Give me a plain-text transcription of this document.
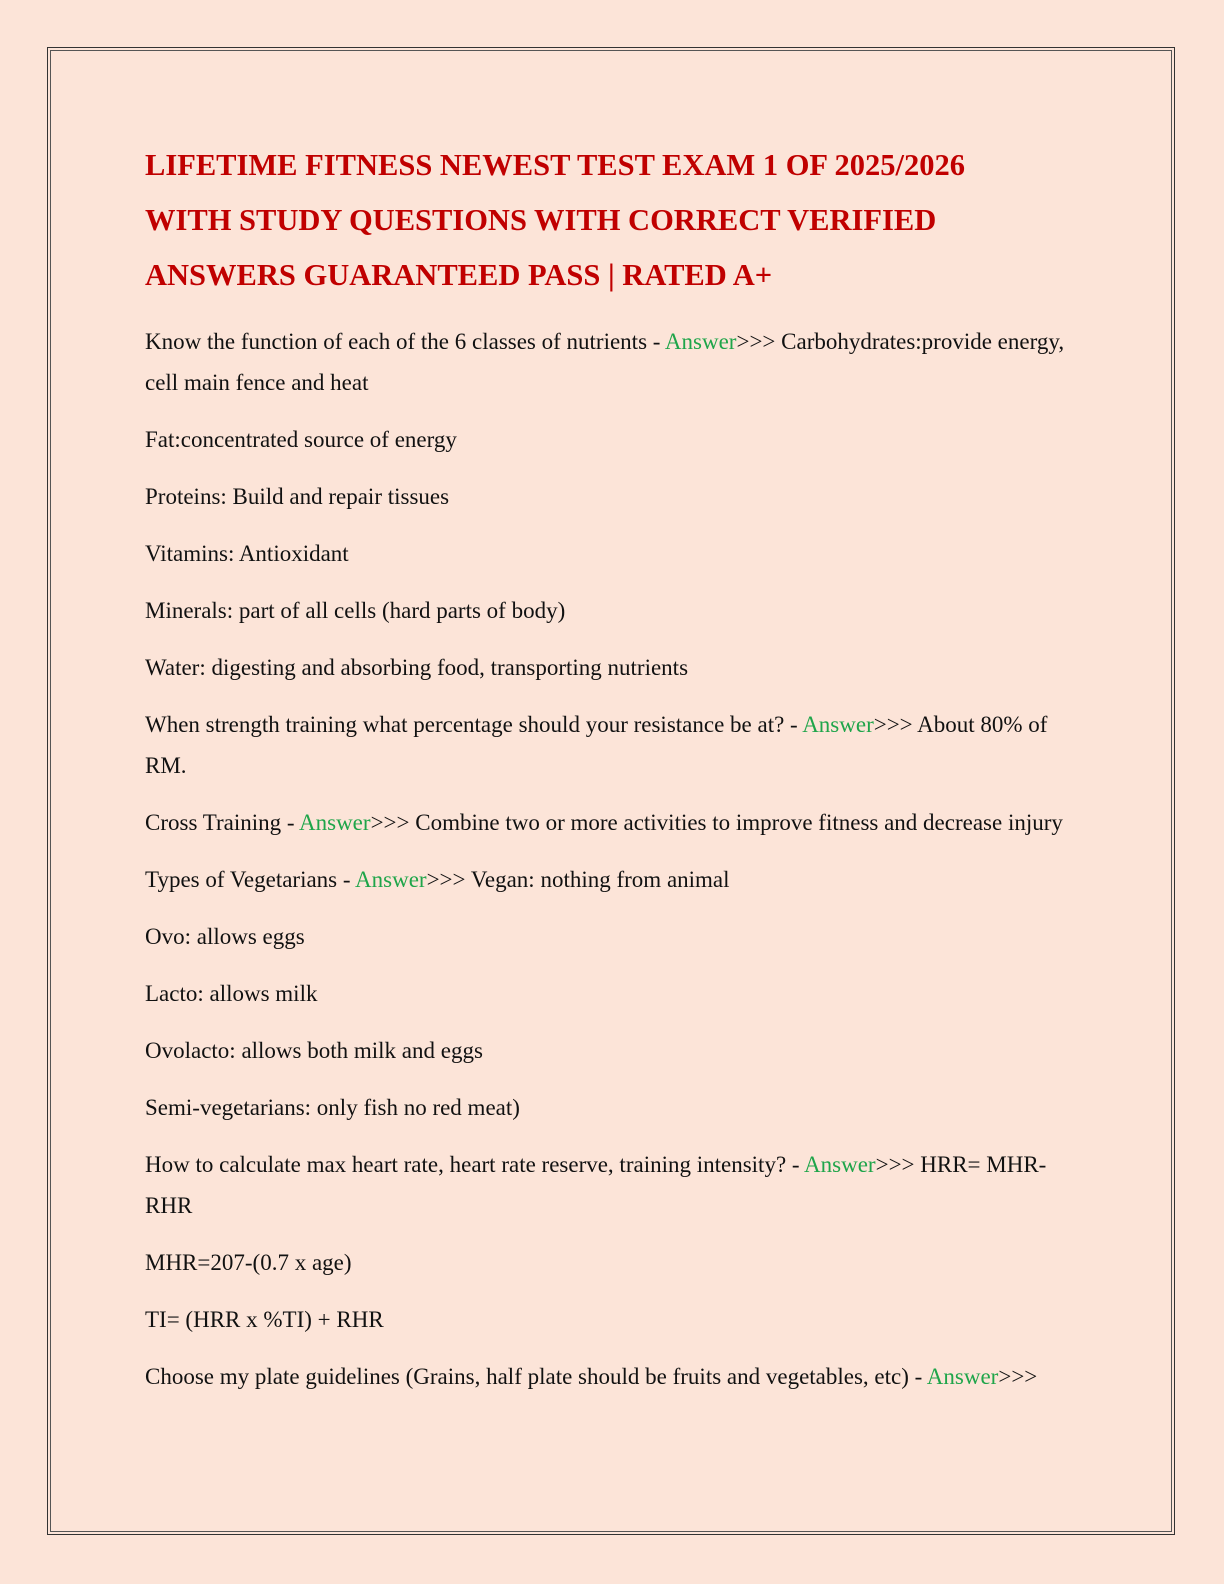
LIFETIME FITNESS NEWEST TEST EXAM 1 OF 2025/2026
WITH STUDY QUESTIONS WITH CORRECT VERIFIED
ANSWERS GUARANTEED PASS | RATED A+

Know the function of each of the 6 classes of nutrients - Answer>>> Carbohydrates:provide energy, cell main fence and heat

Fat:concentrated source of energy

Proteins: Build and repair tissues

Vitamins: Antioxidant

Minerals: part of all cells (hard parts of body)

Water: digesting and absorbing food, transporting nutrients

When strength training what percentage should your resistance be at? - Answer>>> About 80% of RM.

Cross Training - Answer>>> Combine two or more activities to improve fitness and decrease injury

Types of Vegetarians - Answer>>> Vegan: nothing from animal

Ovo: allows eggs

Lacto: allows milk

Ovolacto: allows both milk and eggs

Semi-vegetarians: only fish no red meat)

How to calculate max heart rate, heart rate reserve, training intensity? - Answer>>> HRR= MHR-RHR

MHR=207-(0.7 x age)

TI= (HRR x %TI) + RHR

Choose my plate guidelines (Grains, half plate should be fruits and vegetables, etc) - Answer>>>
